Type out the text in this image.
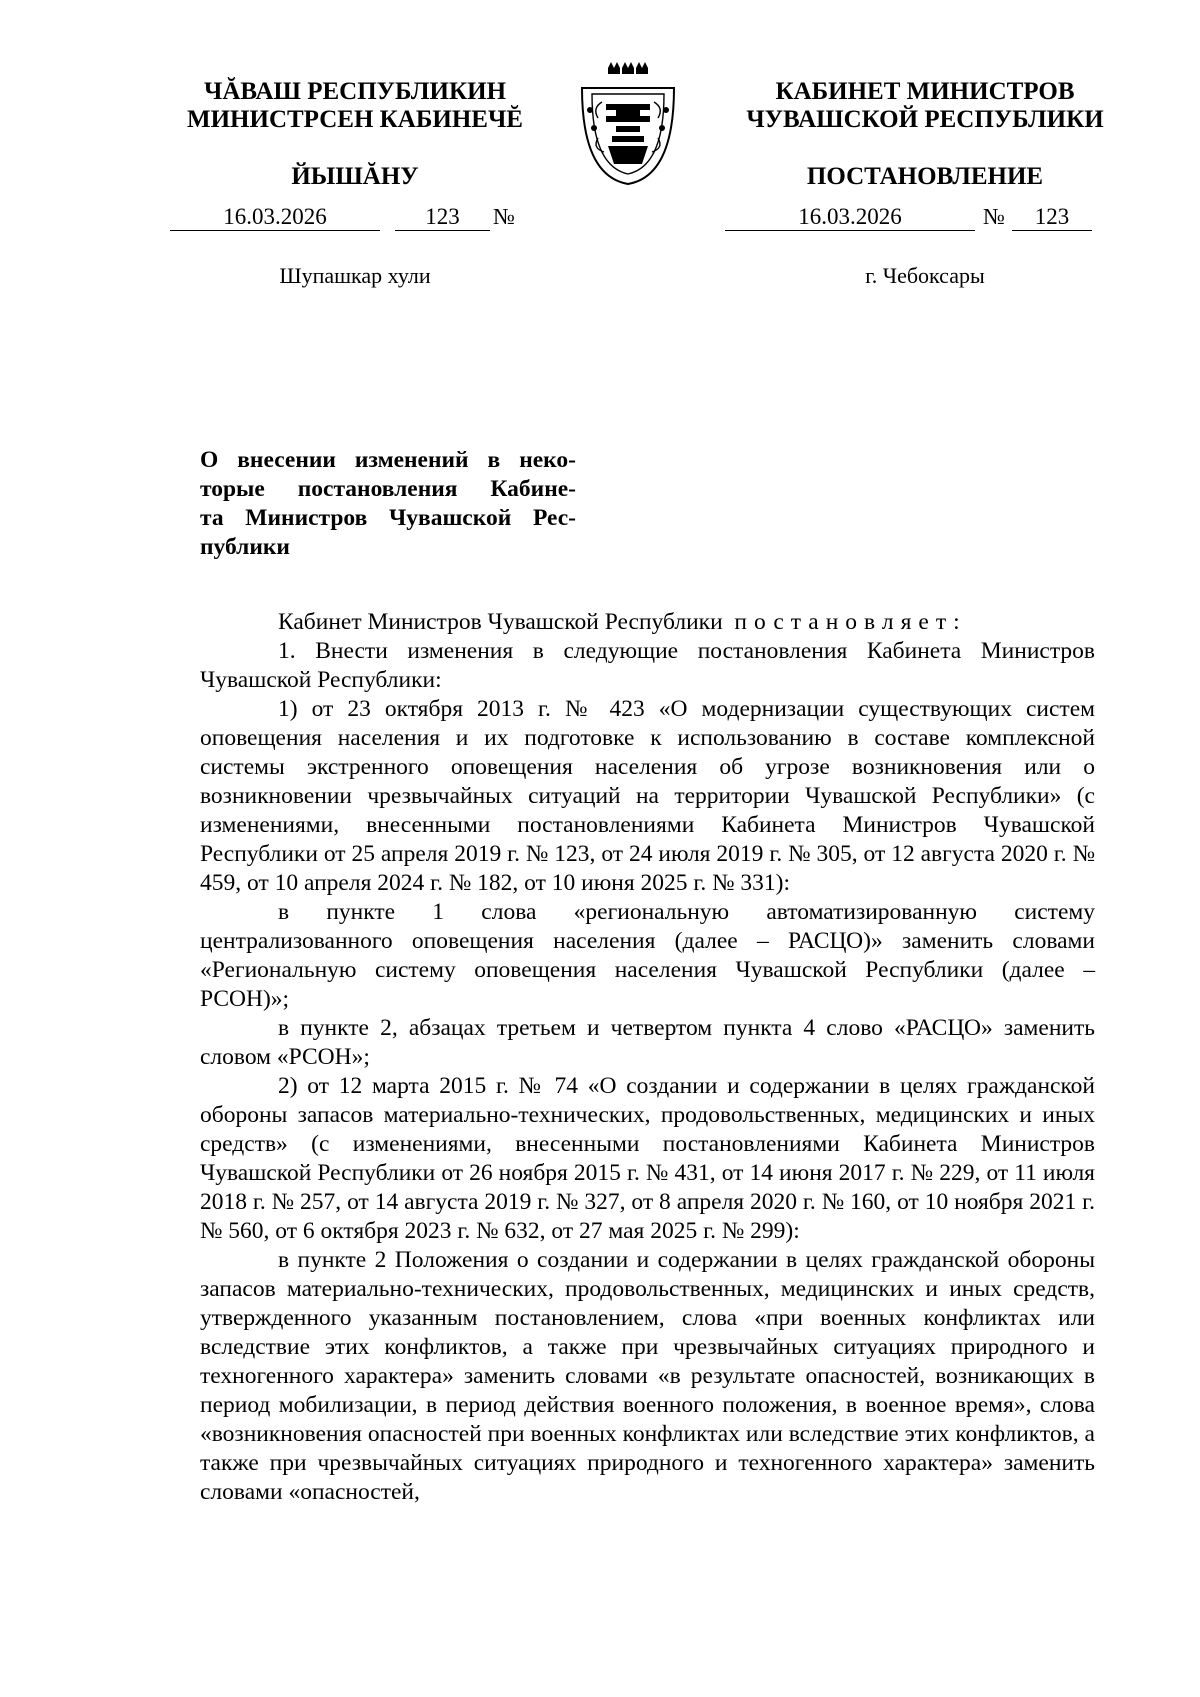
ЧĂВАШ РЕСПУБЛИКИН
МИНИСТРСЕН КАБИНЕЧĔ
ЙЫШĂНУ
КАБИНЕТ МИНИСТРОВ
ЧУВАШСКОЙ РЕСПУБЛИКИ
ПОСТАНОВЛЕНИЕ
16.03.2026	123	№	16.03.2026	№	123
Шупашкар хули	г. Чебоксары
О внесении изменений в неко-
торые постановления Кабине-
та Министров Чувашской Рес-
публики

Кабинет Министров Чувашской Республики постановляет:

1. Внести изменения в следующие постановления Кабинета Министров Чувашской Республики:

1) от 23 октября 2013 г. № 423 «О модернизации существующих систем оповещения населения и их подготовке к использованию в составе комплексной системы экстренного оповещения населения об угрозе возникновения или о возникновении чрезвычайных ситуаций на территории Чувашской Республики» (с изменениями, внесенными постановлениями Кабинета Министров Чувашской Республики от 25 апреля 2019 г. № 123, от 24 июля 2019 г. № 305, от 12 августа 2020 г. № 459, от 10 апреля 2024 г. № 182, от 10 июня 2025 г. № 331):

в пункте 1 слова «региональную автоматизированную систему централизованного оповещения населения (далее – РАСЦО)» заменить словами «Региональную систему оповещения населения Чувашской Республики (далее – РСОН)»;

в пункте 2, абзацах третьем и четвертом пункта 4 слово «РАСЦО» заменить словом «РСОН»;

2) от 12 марта 2015 г. № 74 «О создании и содержании в целях гражданской обороны запасов материально-технических, продовольственных, медицинских и иных средств» (с изменениями, внесенными постановлениями Кабинета Министров Чувашской Республики от 26 ноября 2015 г. № 431, от 14 июня 2017 г. № 229, от 11 июля 2018 г. № 257, от 14 августа 2019 г. № 327, от 8 апреля 2020 г. № 160, от 10 ноября 2021 г. № 560, от 6 октября 2023 г. № 632, от 27 мая 2025 г. № 299):

в пункте 2 Положения о создании и содержании в целях гражданской обороны запасов материально-технических, продовольственных, медицинских и иных средств, утвержденного указанным постановлением, слова «при военных конфликтах или вследствие этих конфликтов, а также при чрезвычайных ситуациях природного и техногенного характера» заменить словами «в результате опасностей, возникающих в период мобилизации, в период действия военного положения, в военное время», слова «возникновения опасностей при военных конфликтах или вследствие этих конфликтов, а также при чрезвычайных ситуациях природного и техногенного характера» заменить словами «опасностей,
